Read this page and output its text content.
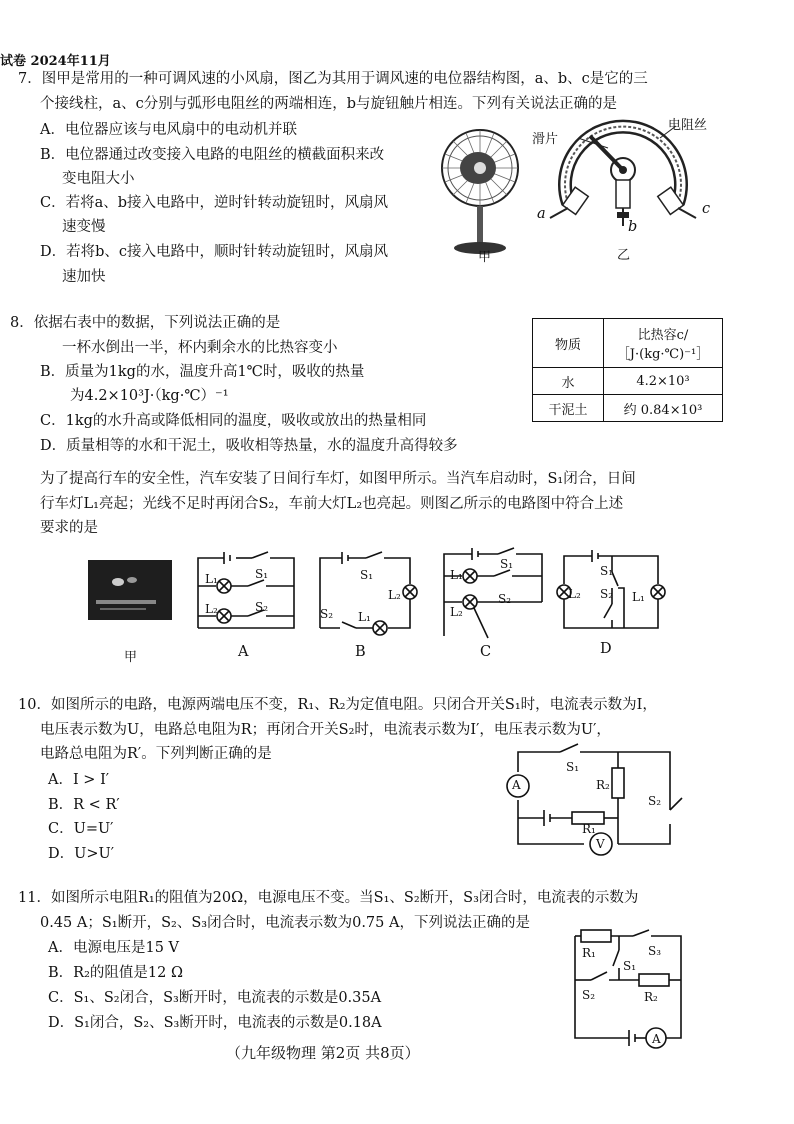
试卷 2024年11月
7．图甲是常用的一种可调风速的小风扇，图乙为其用于调风速的电位器结构图，a、b、c是它的三
个接线柱，a、c分别与弧形电阻丝的两端相连，b与旋钮触片相连。下列有关说法正确的是
A．电位器应该与电风扇中的电动机并联
B．电位器通过改变接入电路的电阻丝的横截面积来改
变电阻大小
C．若将a、b接入电路中，逆时针转动旋钮时，风扇风
速变慢
D．若将b、c接入电路中，顺时针转动旋钮时，风扇风
速加快
甲
滑片
电阻丝
a
b
c
乙
8．依据右表中的数据，下列说法正确的是
一杯水倒出一半，杯内剩余水的比热容变小
B．质量为1kg的水，温度升高1℃时，吸收的热量
为4.2×10³J·（kg·℃）⁻¹
C．1kg的水升高或降低相同的温度，吸收或放出的热量相同
D．质量相等的水和干泥土，吸收相等热量，水的温度升高得较多
物质	比热容c/
［J·(kg·℃)⁻¹］

水	4.2×10³
干泥土	约 0.84×10³
为了提高行车的安全性，汽车安装了日间行车灯，如图甲所示。当汽车启动时，S₁闭合，日间
行车灯L₁亮起；光线不足时再闭合S₂，车前大灯L₂也亮起。则图乙所示的电路图中符合上述
要求的是
甲
L₁	S₁
L₂	S₂
A
S₁
L₂
S₂ L₁
B
L₁
S₁
S₂
L₂
C
L₂
S₁
S₂ L₁
D
10．如图所示的电路，电源两端电压不变，R₁、R₂为定值电阻。只闭合开关S₁时，电流表示数为I，
电压表示数为U，电路总电阻为R；再闭合开关S₂时，电流表示数为I′，电压表示数为U′，
电路总电阻为R′。下列判断正确的是
A．I > I′
B．R < R′
C．U=U′
D．U>U′
A
V
S₁
R₂
S₂
R₁
11．如图所示电阻R₁的阻值为20Ω，电源电压不变。当S₁、S₂断开，S₃闭合时，电流表的示数为
0.45 A；S₁断开，S₂、S₃闭合时，电流表示数为0.75 A，下列说法正确的是
A．电源电压是15 V
B．R₂的阻值是12 Ω
C．S₁、S₂闭合，S₃断开时，电流表的示数是0.35A
D．S₁闭合，S₂、S₃断开时，电流表的示数是0.18A
R₁	S₃
S₁
S₂	R₂
A
（九年级物理 第2页 共8页）
